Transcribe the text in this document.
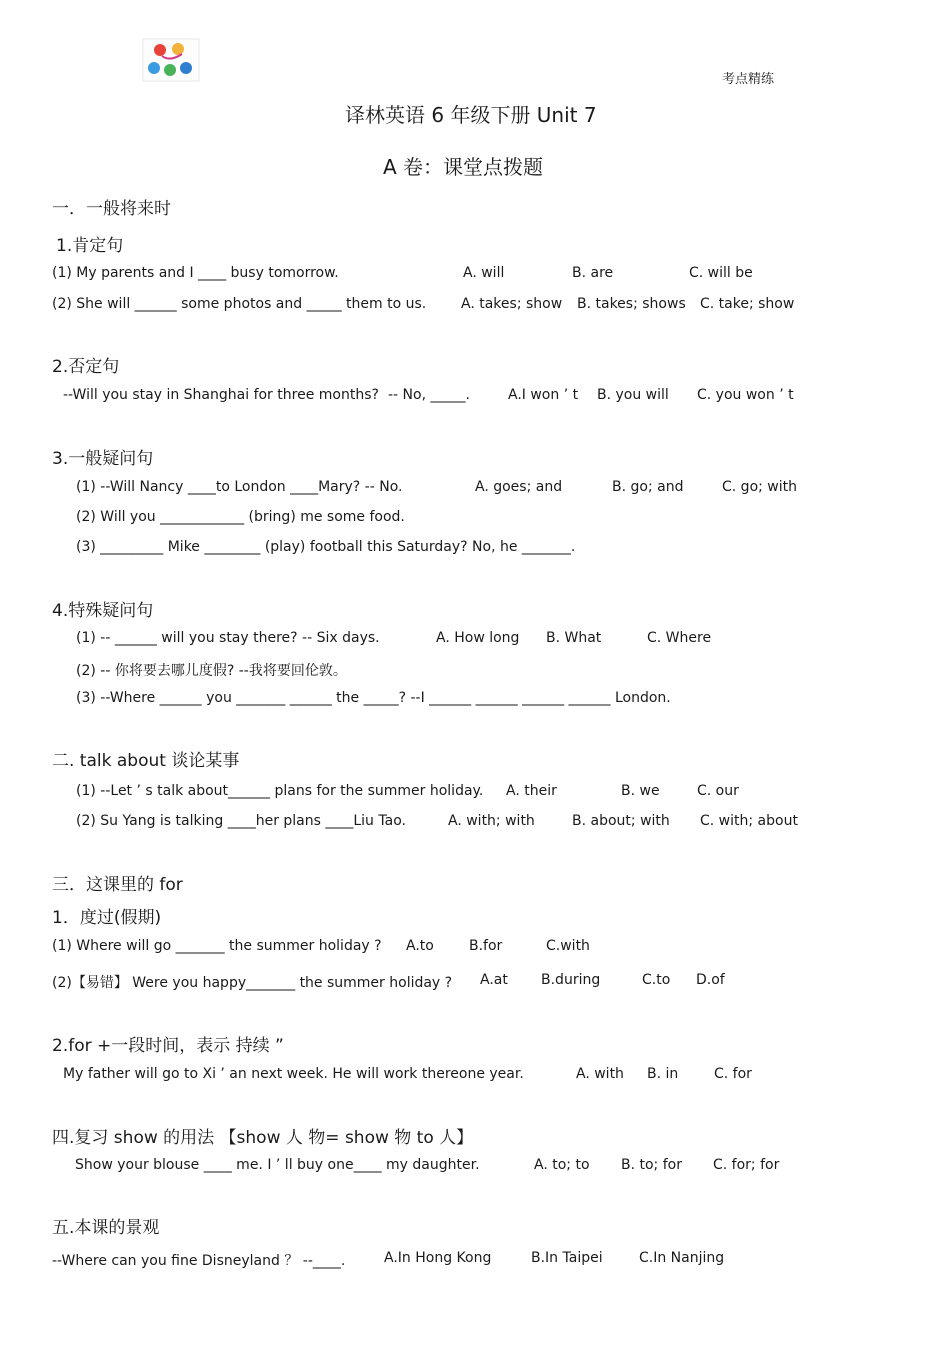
考点精练
译林英语 6 年级下册 Unit 7
A 卷：课堂点拨题
一．一般将来时
1.肯定句
(1) My parents and I ____ busy tomorrow.	A. will	B. are	C. will be
(2) She will ______ some photos and _____ them to us. A. takes; show B. takes; shows C. take; show
2.否定句
--Will you stay in Shanghai for three months? -- No, _____.	A.I won ’ t B. you will C. you won ’ t
3.一般疑问句
(1) --Will Nancy ____to London ____Mary? -- No.	A. goes; and	B. go; and	C. go; with
(2) Will you ____________ (bring) me some food.
(3) _________ Mike ________ (play) football this Saturday? No, he _______.
4.特殊疑问句
(1) -- ______ will you stay there? -- Six days.	A. How long B. What	C. Where
(2) -- 你将要去哪儿度假? --我将要回伦敦。
(3) --Where ______ you _______ ______ the _____? --I ______ ______ ______ ______ London.
二. talk about 谈论某事
(1) --Let ’ s talk about______ plans for the summer holiday. A. their	B. we	C. our
(2) Su Yang is talking ____her plans ____Liu Tao.	A. with; with	B. about; with C. with; about
三．这课里的 for
1．度过(假期)
(1) Where will go _______ the summer holiday ? A.to	B.for	C.with
(2)【易错】 Were you happy_______ the summer holiday ? A.at B.during	C.to D.of
2.for +一段时间，表示 持续 ”
My father will go to Xi ’ an next week. He will work thereone year.	A. with B. in	C. for
四.复习 show 的用法 【show 人 物= show 物 to 人】
Show your blouse ____ me. I ’ ll buy one____ my daughter.	A. to; to B. to; for C. for; for
五.本课的景观
--Where can you fine Disneyland ？ --____.	A.In Hong Kong	B.In Taipei	C.In Nanjing
